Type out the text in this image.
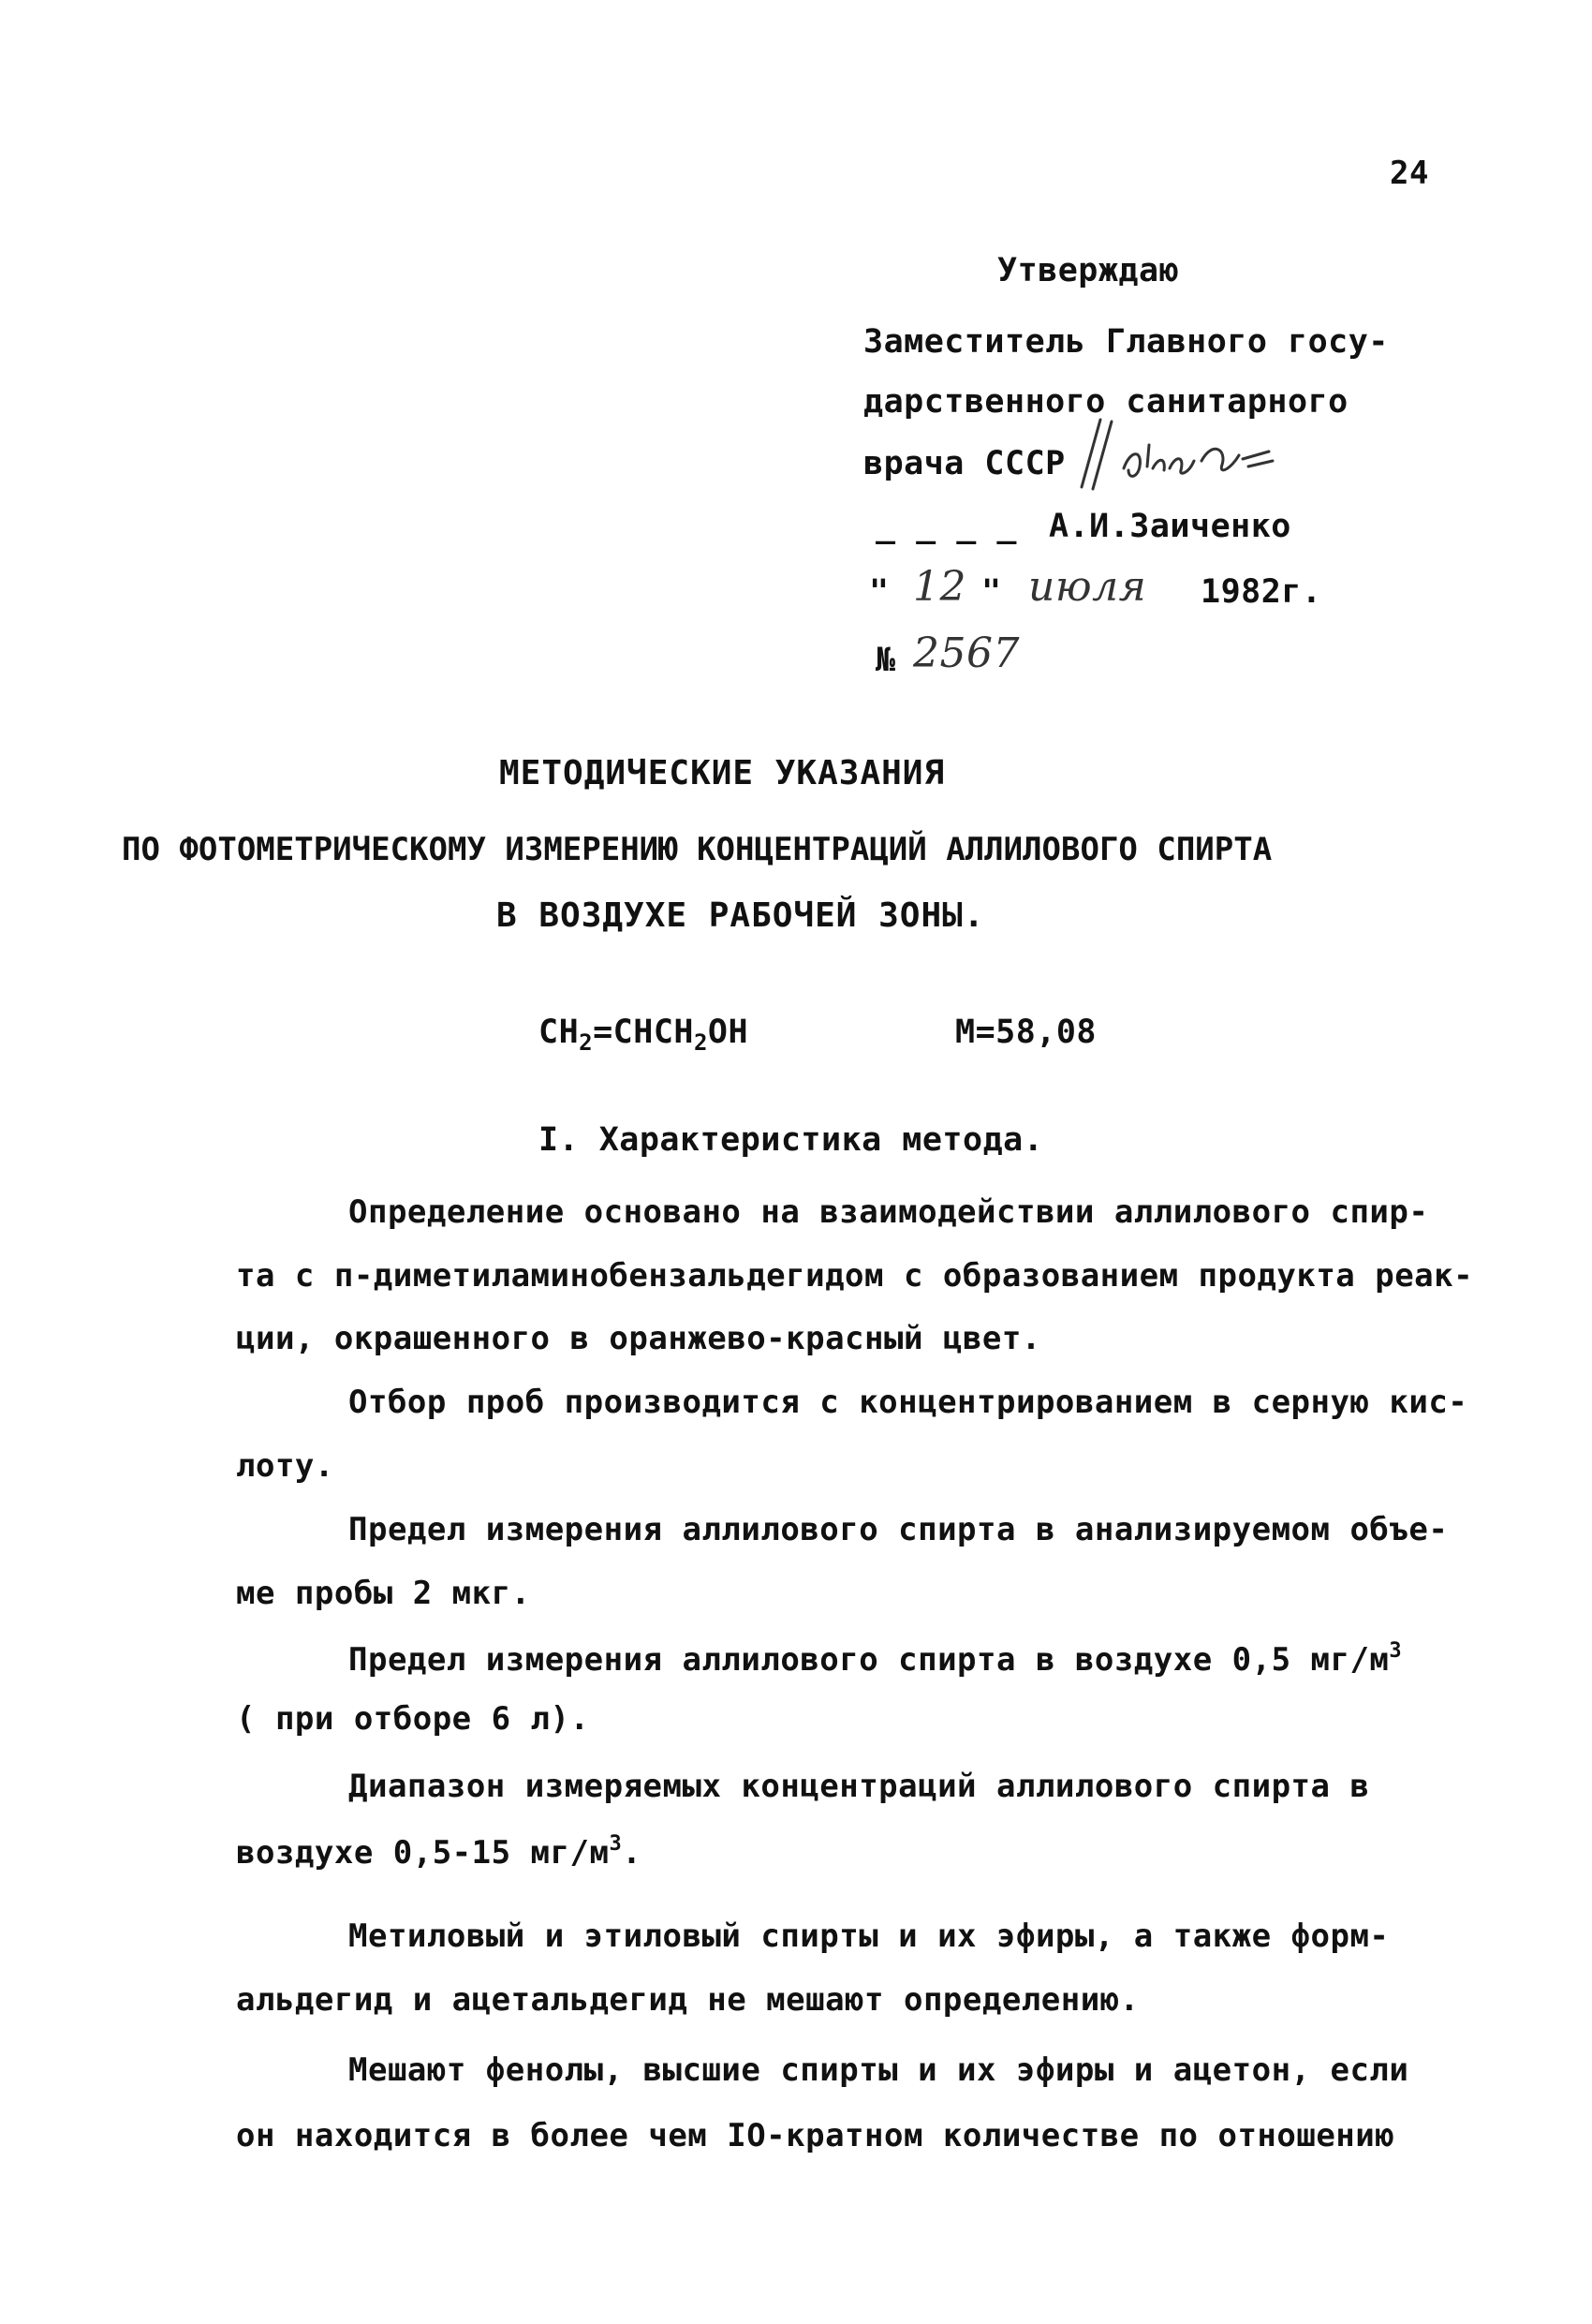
24
Утверждаю
Заместитель Главного госу-
дарственного санитарного
врача СССР
_ _ _ _ А.И.Заиченко
" 12 " июля 1982г.
№ 2567
МЕТОДИЧЕСКИЕ УКАЗАНИЯ
ПО ФОТОМЕТРИЧЕСКОМУ ИЗМЕРЕНИЮ КОНЦЕНТРАЦИЙ АЛЛИЛОВОГО СПИРТА
В ВОЗДУХЕ РАБОЧЕЙ ЗОНЫ.
$СН_2=СНСН_2ОН$	М=58,08
I. Характеристика метода.
Определение основано на взаимодействии аллилового спир-
та с п-диметиламинобензальдегидом с образованием продукта реак-
ции, окрашенного в оранжево-красный цвет.
Отбор проб производится с концентрированием в серную кис-
лоту.
Предел измерения аллилового спирта в анализируемом объе-
ме пробы 2 мкг.
Предел измерения аллилового спирта в воздухе 0,5 $мг/м^3$
( при отборе 6 л).
Диапазон измеряемых концентраций аллилового спирта в
воздухе 0,5-15 $мг/м^3$.
Метиловый и этиловый спирты и их эфиры, а также форм-
альдегид и ацетальдегид не мешают определению.
Мешают фенолы, высшие спирты и их эфиры и ацетон, если
он находится в более чем IO-кратном количестве по отношению
